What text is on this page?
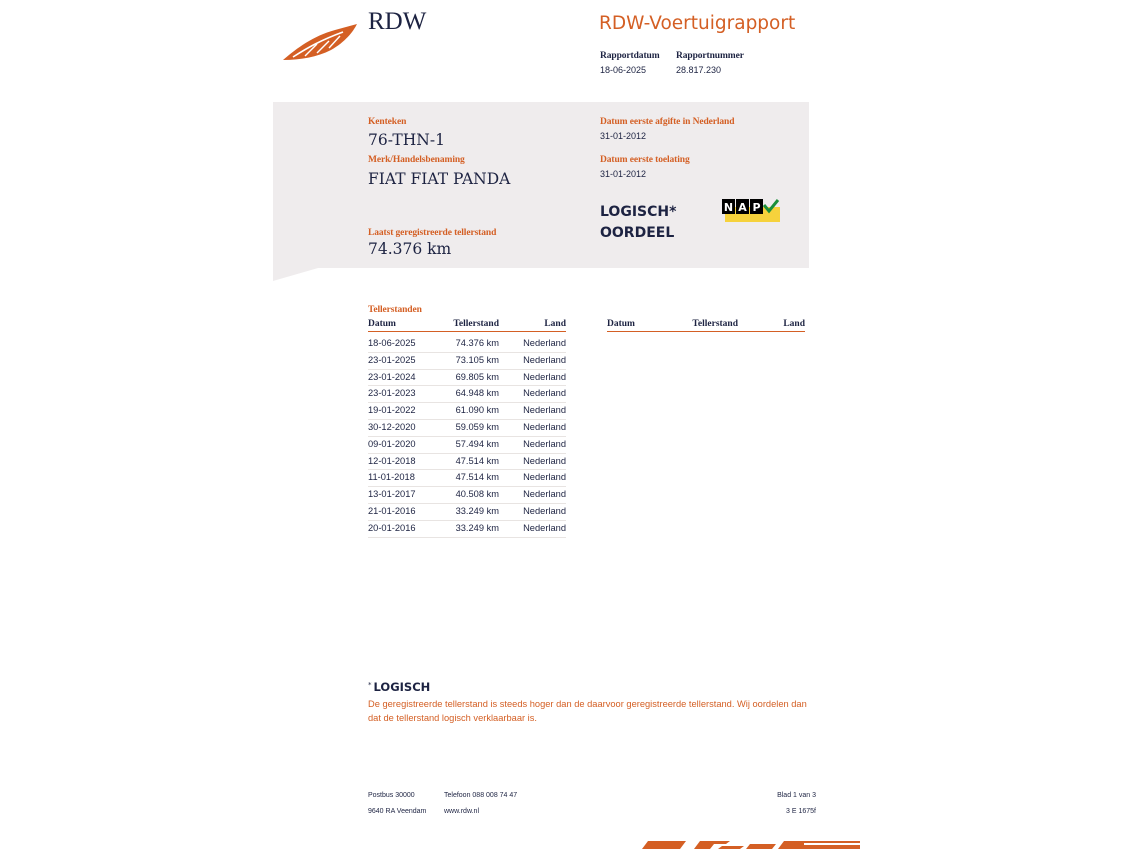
RDW	RDW-Voertuigrapport
Rapportdatum
18-06-2025
Rapportnummer
28.817.230
Kenteken
76-THN-1
Merk/Handelsbenaming
FIAT FIAT PANDA
Laatst geregistreerde tellerstand
74.376 km
Datum eerste afgifte in Nederland
31-01-2012
Datum eerste toelating
31-01-2012
LOGISCH*
OORDEEL
N A P
Tellerstanden
Datum	Tellerstand	Land
18-06-2025	74.376 km	Nederland
23-01-2025	73.105 km	Nederland
23-01-2024	69.805 km	Nederland
23-01-2023	64.948 km	Nederland
19-01-2022	61.090 km	Nederland
30-12-2020	59.059 km	Nederland
09-01-2020	57.494 km	Nederland
12-01-2018	47.514 km	Nederland
11-01-2018	47.514 km	Nederland
13-01-2017	40.508 km	Nederland
21-01-2016	33.249 km	Nederland
20-01-2016	33.249 km	Nederland
Datum	Tellerstand	Land
* LOGISCH
De geregistreerde tellerstand is steeds hoger dan de daarvoor geregistreerde tellerstand. Wij oordelen dan dat de tellerstand logisch verklaarbaar is.
Postbus 30000
9640 RA Veendam
Telefoon 088 008 74 47
www.rdw.nl
Blad 1 van 3
3 E 1675f
